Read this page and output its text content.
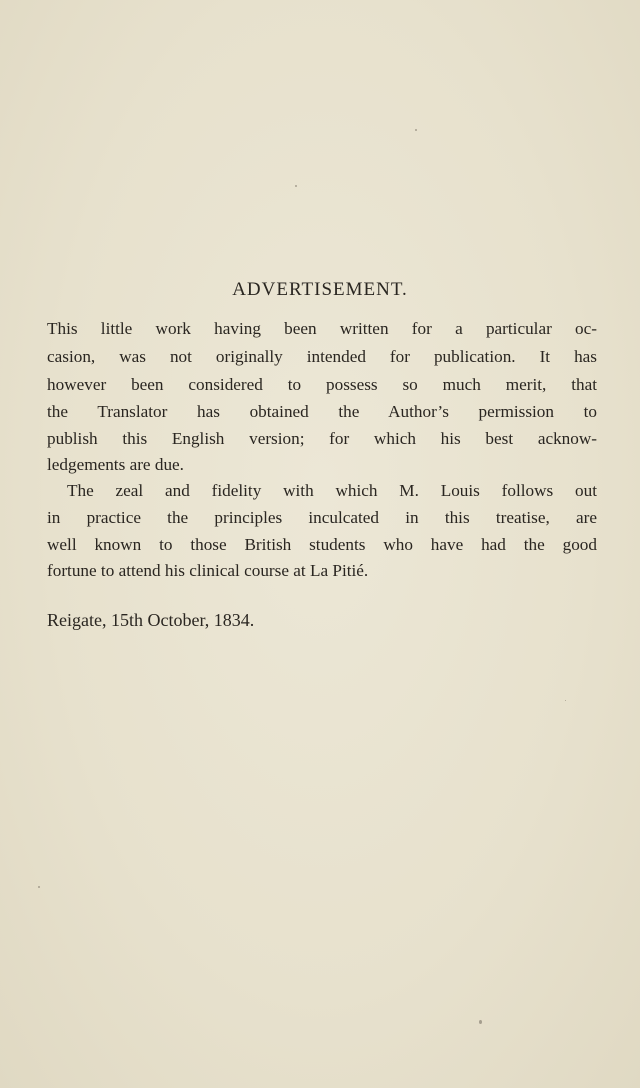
ADVERTISEMENT.
This little work having been written for a particular oc-
casion, was not originally intended for publication. It has
however been considered to possess so much merit, that
the Translator has obtained the Author’s permission to
publish this English version; for which his best acknow-
ledgements are due.
The zeal and fidelity with which M. Louis follows out
in practice the principles inculcated in this treatise, are
well known to those British students who have had the good
fortune to attend his clinical course at La Pitié.
Reigate, 15th October, 1834.
